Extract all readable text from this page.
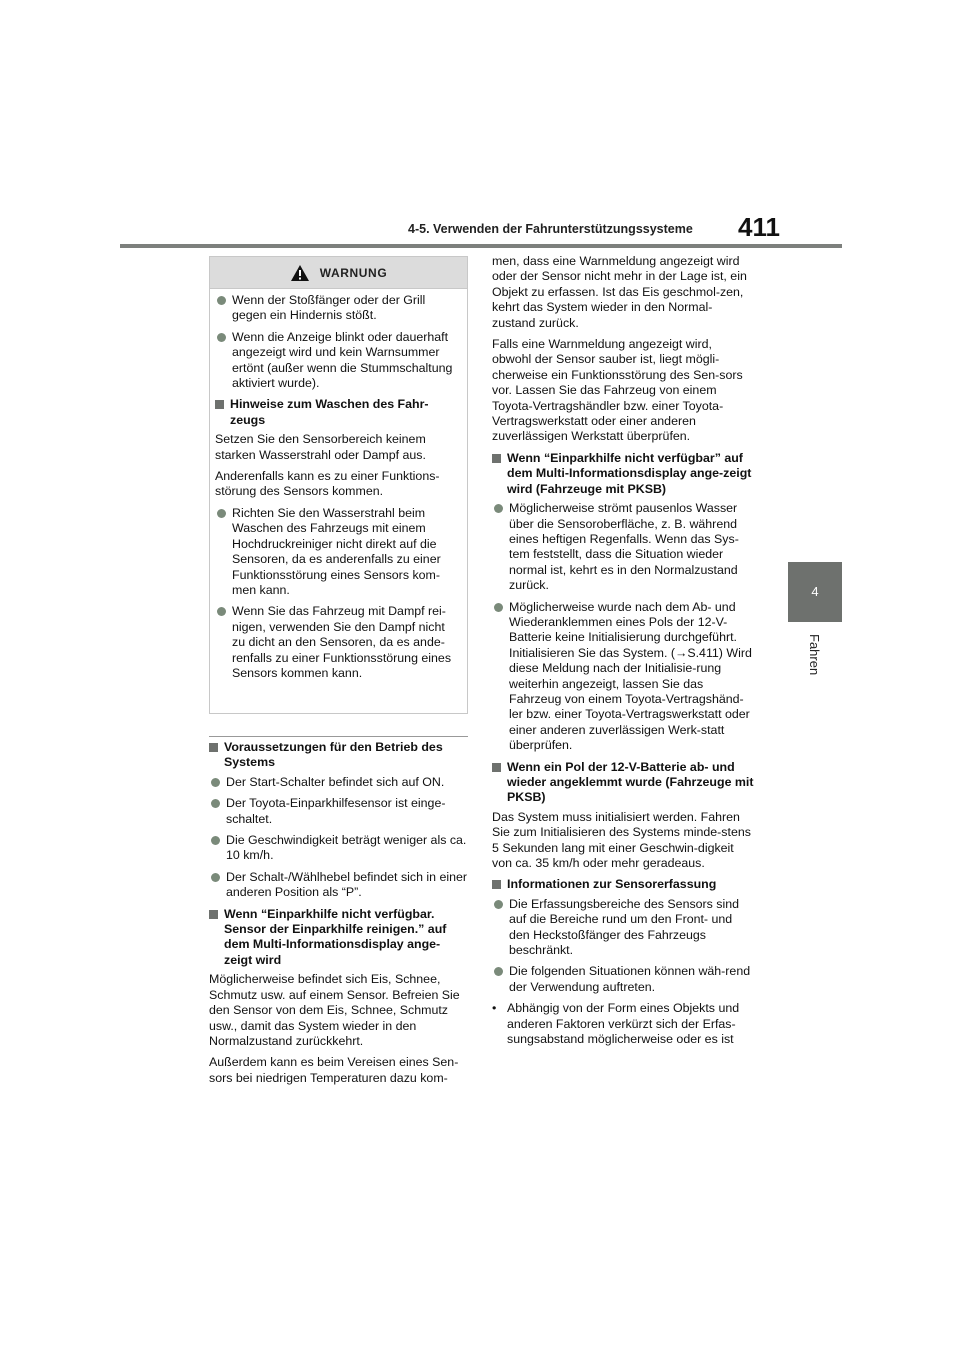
4-5. Verwenden der Fahrunterstützungssysteme 411
4
Fahren
WARNUNG
Wenn der Stoßfänger oder der Grill gegen ein Hindernis stößt.
Wenn die Anzeige blinkt oder dauerhaft angezeigt wird und kein Warnsummer ertönt (außer wenn die Stummschaltung aktiviert wurde).
Hinweise zum Waschen des Fahr-zeugs
Setzen Sie den Sensorbereich keinem starken Wasserstrahl oder Dampf aus.
Anderenfalls kann es zu einer Funktions-störung des Sensors kommen.
Richten Sie den Wasserstrahl beim Waschen des Fahrzeugs mit einem Hochdruckreiniger nicht direkt auf die Sensoren, da es anderenfalls zu einer Funktionsstörung eines Sensors kom-men kann.
Wenn Sie das Fahrzeug mit Dampf rei-nigen, verwenden Sie den Dampf nicht zu dicht an den Sensoren, da es ande-renfalls zu einer Funktionsstörung eines Sensors kommen kann.
Voraussetzungen für den Betrieb des Systems
Der Start-Schalter befindet sich auf ON.
Der Toyota-Einparkhilfesensor ist einge-schaltet.
Die Geschwindigkeit beträgt weniger als ca. 10 km/h.
Der Schalt-/Wählhebel befindet sich in einer anderen Position als “P”.
Wenn “Einparkhilfe nicht verfügbar. Sensor der Einparkhilfe reinigen.” auf dem Multi-Informationsdisplay ange-zeigt wird
Möglicherweise befindet sich Eis, Schnee, Schmutz usw. auf einem Sensor. Befreien Sie den Sensor von dem Eis, Schnee, Schmutz usw., damit das System wieder in den Normalzustand zurückkehrt.
Außerdem kann es beim Vereisen eines Sen-sors bei niedrigen Temperaturen dazu kom-
men, dass eine Warnmeldung angezeigt wird oder der Sensor nicht mehr in der Lage ist, ein Objekt zu erfassen. Ist das Eis geschmol-zen, kehrt das System wieder in den Normal-zustand zurück.
Falls eine Warnmeldung angezeigt wird, obwohl der Sensor sauber ist, liegt mögli-cherweise ein Funktionsstörung des Sen-sors vor. Lassen Sie das Fahrzeug von einem Toyota-Vertragshändler bzw. einer Toyota-Vertragswerkstatt oder einer anderen zuverlässigen Werkstatt überprüfen.
Wenn “Einparkhilfe nicht verfügbar” auf dem Multi-Informationsdisplay ange-zeigt wird (Fahrzeuge mit PKSB)
Möglicherweise strömt pausenlos Wasser über die Sensoroberfläche, z. B. während eines heftigen Regenfalls. Wenn das Sys-tem feststellt, dass die Situation wieder normal ist, kehrt es in den Normalzustand zurück.
Möglicherweise wurde nach dem Ab- und Wiederanklemmen eines Pols der 12-V-Batterie keine Initialisierung durchgeführt. Initialisieren Sie das System. (→S.411) Wird diese Meldung nach der Initialisie-rung weiterhin angezeigt, lassen Sie das Fahrzeug von einem Toyota-Vertragshänd-ler bzw. einer Toyota-Vertragswerkstatt oder einer anderen zuverlässigen Werk-statt überprüfen.
Wenn ein Pol der 12-V-Batterie ab- und wieder angeklemmt wurde (Fahrzeuge mit PKSB)
Das System muss initialisiert werden. Fahren Sie zum Initialisieren des Systems minde-stens 5 Sekunden lang mit einer Geschwin-digkeit von ca. 35 km/h oder mehr geradeaus.
Informationen zur Sensorerfassung
Die Erfassungsbereiche des Sensors sind auf die Bereiche rund um den Front- und den Heckstoßfänger des Fahrzeugs beschränkt.
Die folgenden Situationen können wäh-rend der Verwendung auftreten.
• Abhängig von der Form eines Objekts und anderen Faktoren verkürzt sich der Erfas-sungsabstand möglicherweise oder es ist
